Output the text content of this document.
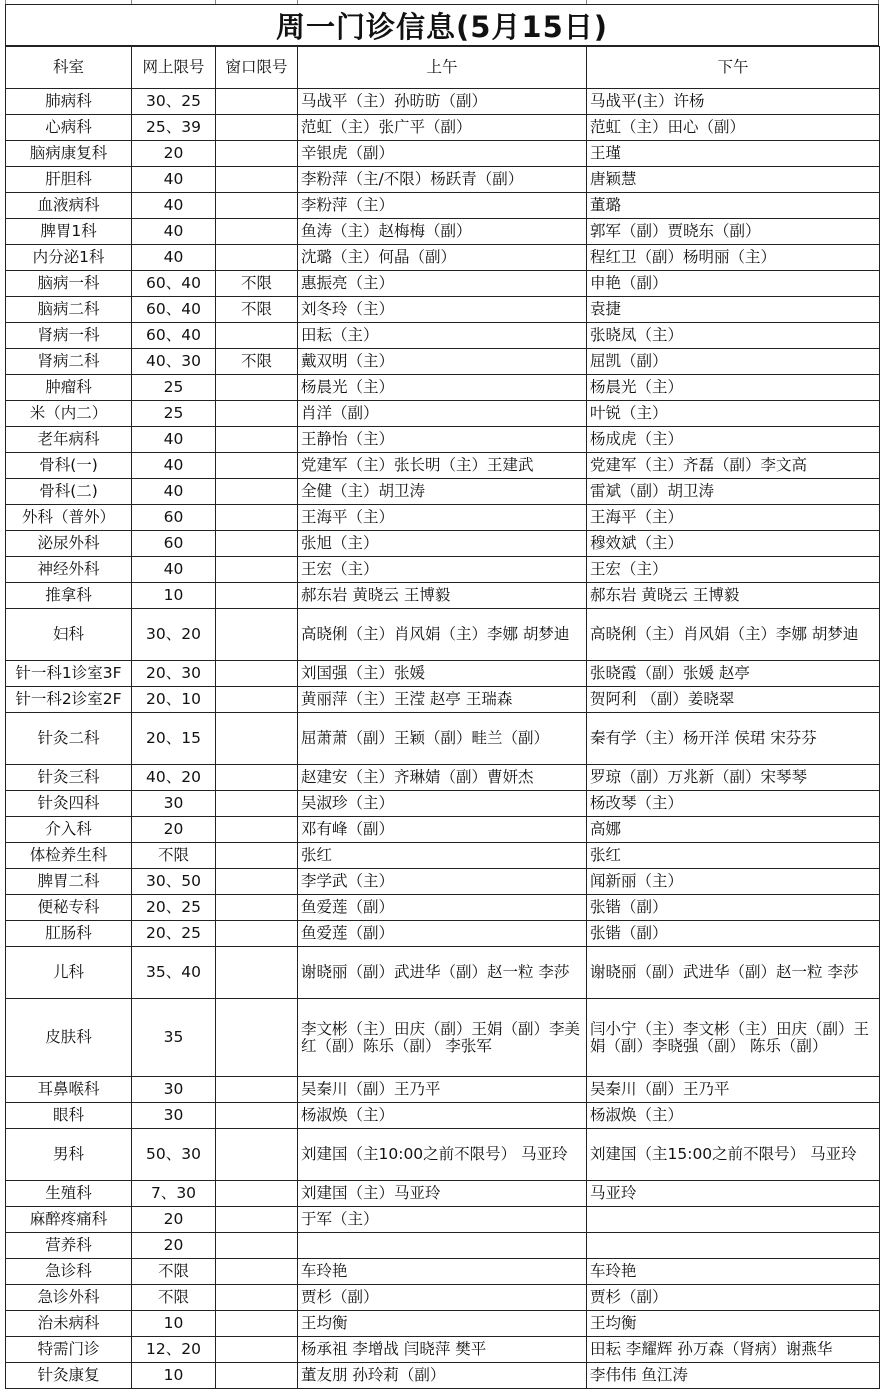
周一门诊信息(5月15日)
科室	网上限号	窗口限号	上午	下午
肺病科	30、25		马战平（主）孙昉昉（副）	马战平(主）许杨
心病科	25、39		范虹（主）张广平（副）	范虹（主）田心（副）
脑病康复科	20		辛银虎（副）	王瑾
肝胆科	40		李粉萍（主/不限）杨跃青（副）	唐颖慧
血液病科	40		李粉萍（主）	董璐
脾胃1科	40		鱼涛（主）赵梅梅（副）	郭军（副）贾晓东（副）
内分泌1科	40		沈璐（主）何晶（副）	程红卫（副）杨明丽（主）
脑病一科	60、40	不限	惠振亮（主）	申艳（副）
脑病二科	60、40	不限	刘冬玲（主）	袁捷
肾病一科	60、40		田耘（主）	张晓凤（主）
肾病二科	40、30	不限	戴双明（主）	屈凯（副）
肿瘤科	25		杨晨光（主）	杨晨光（主）
米（内二）	25		肖洋（副）	叶锐（主）
老年病科	40		王静怡（主）	杨成虎（主）
骨科(一)	40		党建军（主）张长明（主）王建武	党建军（主）齐磊（副）李文高
骨科(二)	40		全健（主）胡卫涛	雷斌（副）胡卫涛
外科（普外）	60		王海平（主）	王海平（主）
泌尿外科	60		张旭（主）	穆效斌（主）
神经外科	40		王宏（主）	王宏（主）
推拿科	10		郝东岩 黄晓云 王博毅	郝东岩 黄晓云 王博毅
妇科	30、20		高晓俐（主）肖风娟（主）李娜 胡梦迪	高晓俐（主）肖风娟（主）李娜 胡梦迪
针一科1诊室3F	20、30		刘国强（主）张媛	张晓霞（副）张媛 赵亭
针一科2诊室2F	20、10		黄丽萍（主）王滢 赵亭 王瑞森	贺阿利 （副）姜晓翠
针灸二科	20、15		屈萧萧（副）王颖（副）畦兰（副）	秦有学（主）杨开洋 侯珺 宋芬芬
针灸三科	40、20		赵建安（主）齐琳婧（副）曹妍杰	罗琼（副）万兆新（副）宋琴琴
针灸四科	30		吴淑珍（主）	杨改琴（主）
介入科	20		邓有峰（副）	高娜
体检养生科	不限		张红	张红
脾胃二科	30、50		李学武（主）	闻新丽（主）
便秘专科	20、25		鱼爱莲（副）	张锴（副）
肛肠科	20、25		鱼爱莲（副）	张锴（副）
儿科	35、40		谢晓丽（副）武进华（副）赵一粒 李莎	谢晓丽（副）武进华（副）赵一粒 李莎
皮肤科	35		李文彬（主）田庆（副）王娟（副）李美红（副）陈乐（副） 李张军	闫小宁（主）李文彬（主）田庆（副）王娟（副）李晓强（副） 陈乐（副）
耳鼻喉科	30		吴秦川（副）王乃平	吴秦川（副）王乃平
眼科	30		杨淑焕（主）	杨淑焕（主）
男科	50、30		刘建国（主10:00之前不限号） 马亚玲	刘建国（主15:00之前不限号） 马亚玲
生殖科	7、30		刘建国（主）马亚玲	马亚玲
麻醉疼痛科	20		于军（主）	
营养科	20			
急诊科	不限		车玲艳	车玲艳
急诊外科	不限		贾杉（副）	贾杉（副）
治未病科	10		王均衡	王均衡
特需门诊	12、20		杨承祖 李增战 闫晓萍 樊平	田耘 李耀辉 孙万森（肾病）谢燕华
针灸康复	10		董友朋 孙玲莉（副）	李伟伟 鱼江涛
